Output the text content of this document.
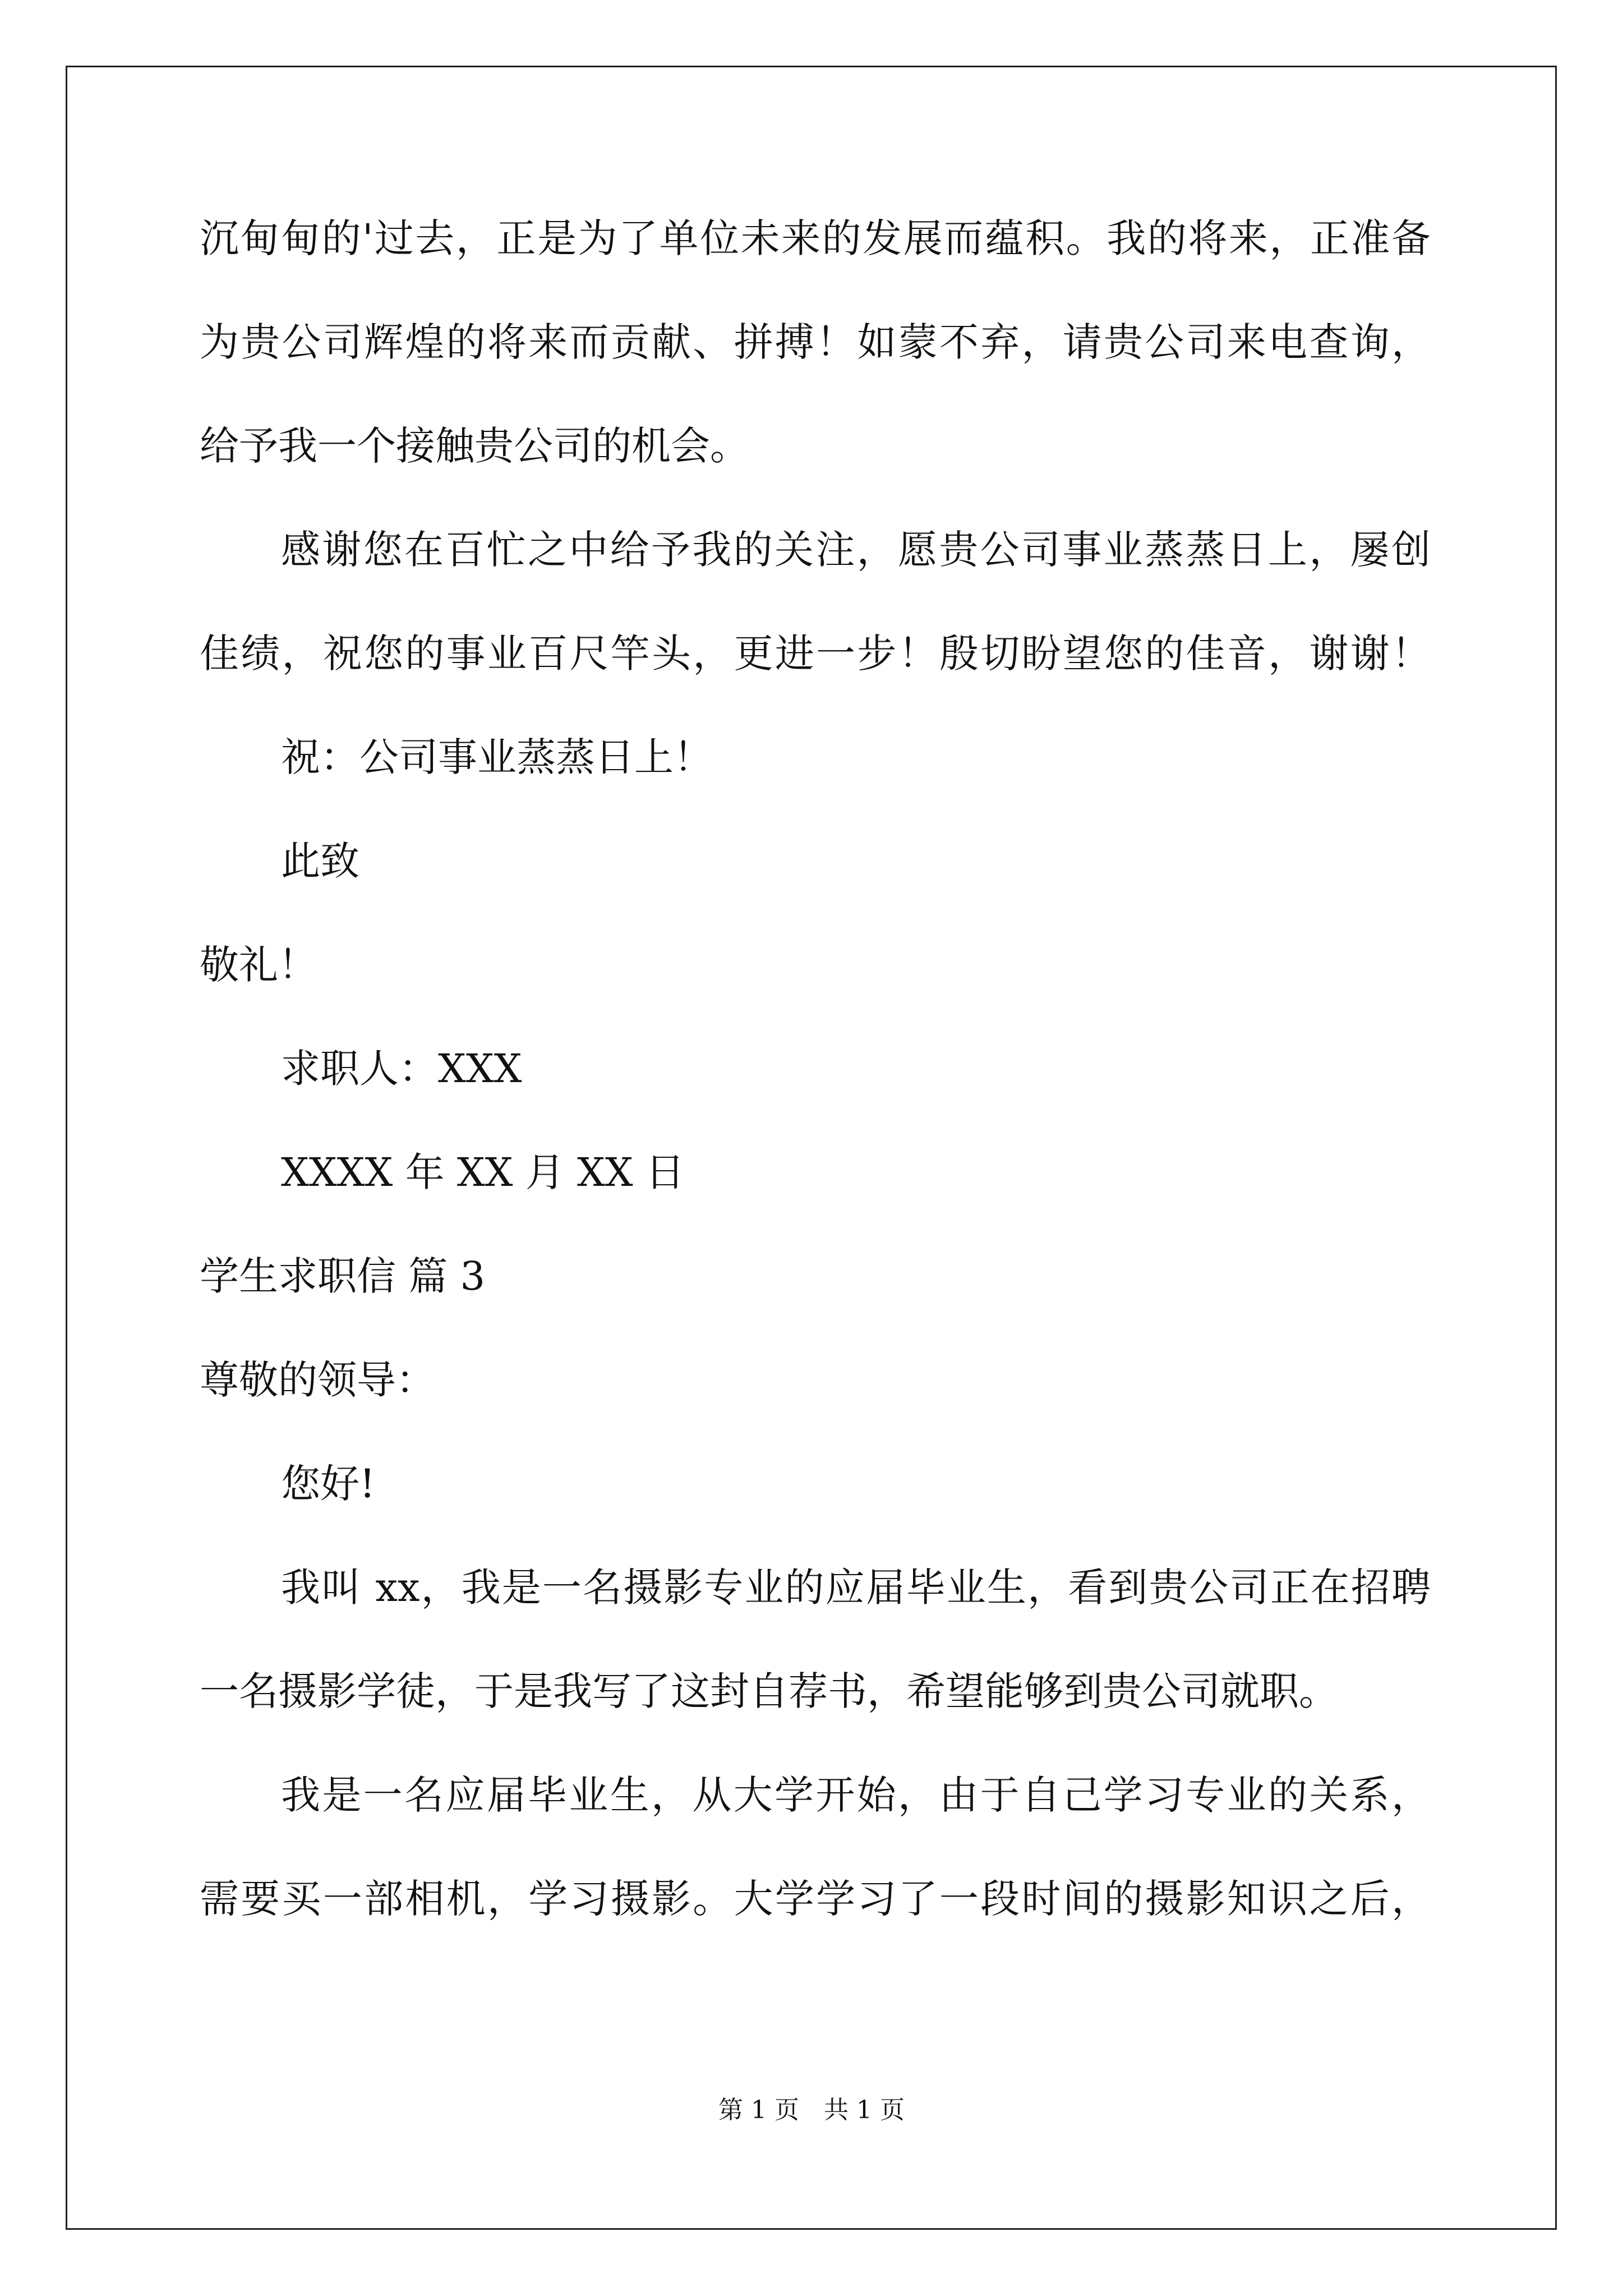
沉甸甸的'过去，正是为了单位未来的发展而蕴积。我的将来，正准备
为贵公司辉煌的将来而贡献、拼搏！如蒙不弃，请贵公司来电查询，
给予我一个接触贵公司的机会。
感谢您在百忙之中给予我的关注，愿贵公司事业蒸蒸日上，屡创
佳绩，祝您的事业百尺竿头，更进一步！殷切盼望您的佳音，谢谢！
祝：公司事业蒸蒸日上！
此致
敬礼！
求职人：XXX
XXXX 年 XX 月 XX 日
学生求职信 篇 3
尊敬的领导：
您好!
我叫 xx，我是一名摄影专业的应届毕业生，看到贵公司正在招聘
一名摄影学徒，于是我写了这封自荐书，希望能够到贵公司就职。
我是一名应届毕业生，从大学开始，由于自己学习专业的关系，
需要买一部相机，学习摄影。大学学习了一段时间的摄影知识之后，
第 1 页　共 1 页
